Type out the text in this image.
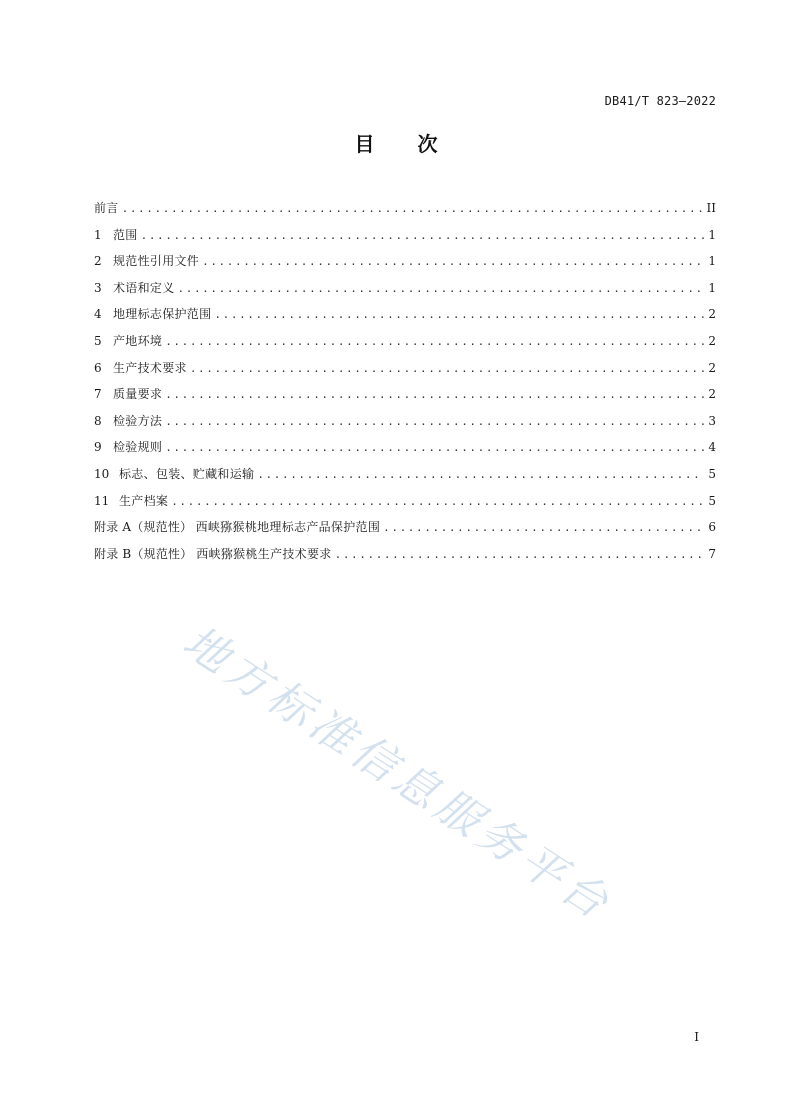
DB41/T 823—2022
目 次
前言 .....	II
1 范围 .....	1
2 规范性引用文件 .....	1
3 术语和定义 .....	1
4 地理标志保护范围 .....	2
5 产地环境 .....	2
6 生产技术要求 .....	2
7 质量要求 .....	2
8 检验方法 .....	3
9 检验规则 .....	4
10 标志、包装、贮藏和运输 .....	5
11 生产档案 .....	5
附录 A（规范性） 西峡猕猴桃地理标志产品保护范围 .....	6
附录 B（规范性） 西峡猕猴桃生产技术要求 .....	7
地方标准信息服务平台
I
